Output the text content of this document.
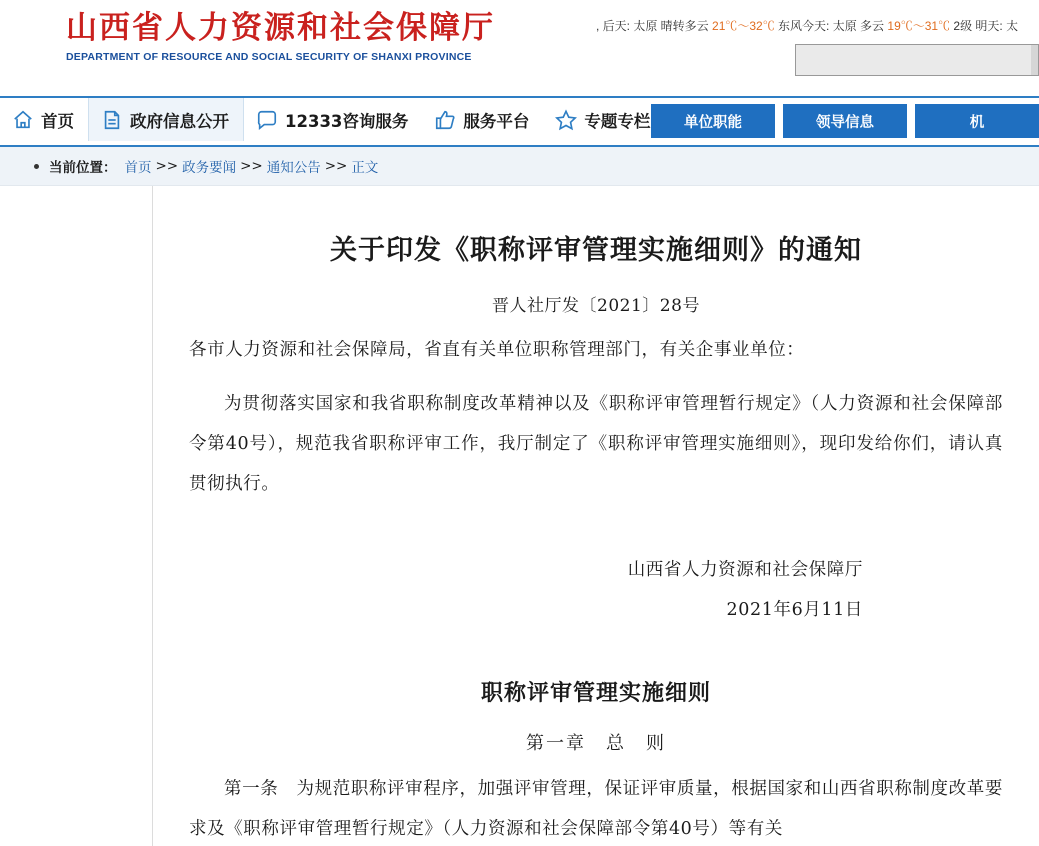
山西省人力资源和社会保障厅
DEPARTMENT OF RESOURCE AND SOCIAL SECURITY OF SHANXI PROVINCE
, 后天: 太原 晴转多云 21℃～32℃ 东风今天: 太原 多云 19℃～31℃ 2级 明天: 太
首页	政府信息公开	12333咨询服务	服务平台	专题专栏	单位职能	领导信息	机
当前位置： 首页 >> 政务要闻 >> 通知公告 >> 正文
关于印发《职称评审管理实施细则》的通知
晋人社厅发〔2021〕28号

各市人力资源和社会保障局，省直有关单位职称管理部门，有关企事业单位：

为贯彻落实国家和我省职称制度改革精神以及《职称评审管理暂行规定》（人力资源和社会保障部令第40号），规范我省职称评审工作，我厅制定了《职称评审管理实施细则》，现印发给你们，请认真贯彻执行。

山西省人力资源和社会保障厅

2021年6月11日

职称评审管理实施细则
第一章　总　则

第一条　为规范职称评审程序，加强评审管理，保证评审质量，根据国家和山西省职称制度改革要求及《职称评审管理暂行规定》（人力资源和社会保障部令第40号）等有关
